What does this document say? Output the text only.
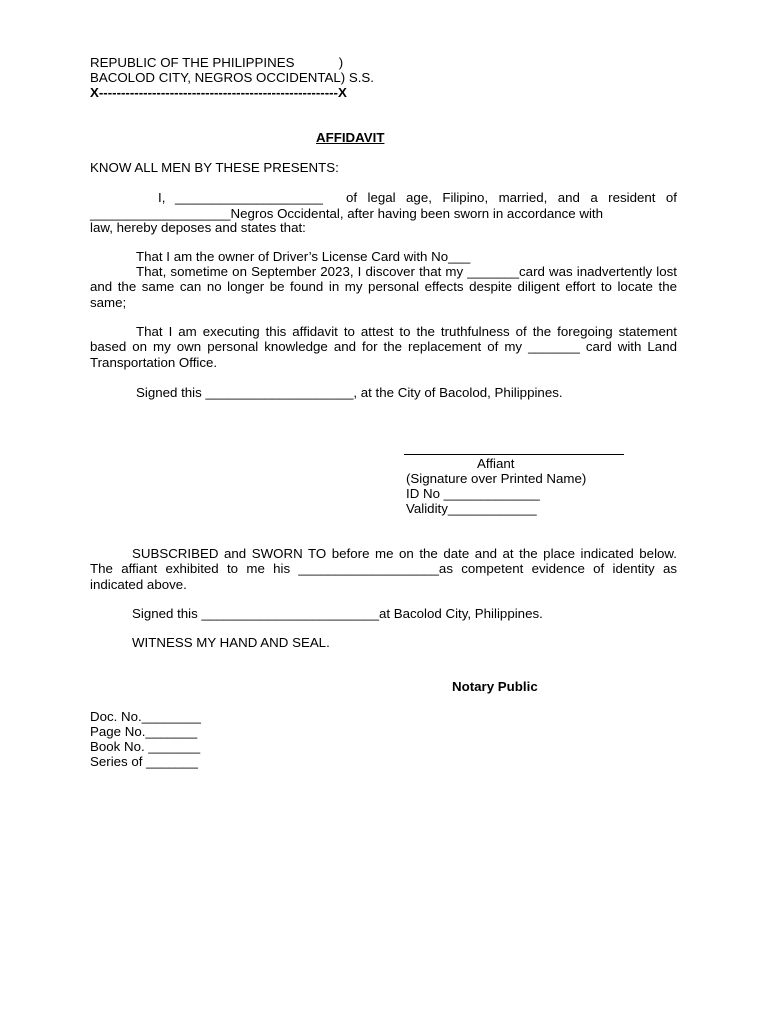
REPUBLIC OF THE PHILIPPINES            )
BACOLOD CITY, NEGROS OCCIDENTAL) S.S.
X------------------------------------------------------X
AFFIDAVIT
KNOW ALL MEN BY THESE PRESENTS:
I, ____________________ of legal age, Filipino, married, and a resident of
___________________Negros Occidental, after having been sworn in accordance with
law, hereby deposes and states that:
That I am the owner of Driver’s License Card with No___
That, sometime on September 2023, I discover that my _______card was inadvertently lost and the same can no longer be found in my personal effects despite diligent effort to locate the same;
That I am executing this affidavit to attest to the truthfulness of the foregoing statement based on my own personal knowledge and for the replacement of my _______ card with Land Transportation Office.
Signed this ____________________, at the City of Bacolod, Philippines.
Affiant
(Signature over Printed Name)
ID No _____________
Validity____________
SUBSCRIBED and SWORN TO before me on the date and at the place indicated below. The affiant exhibited to me his ___________________as competent evidence of identity as indicated above.
Signed this ________________________at Bacolod City, Philippines.
WITNESS MY HAND AND SEAL.
Notary Public
Doc. No.________
Page No._______
Book No. _______
Series of _______
